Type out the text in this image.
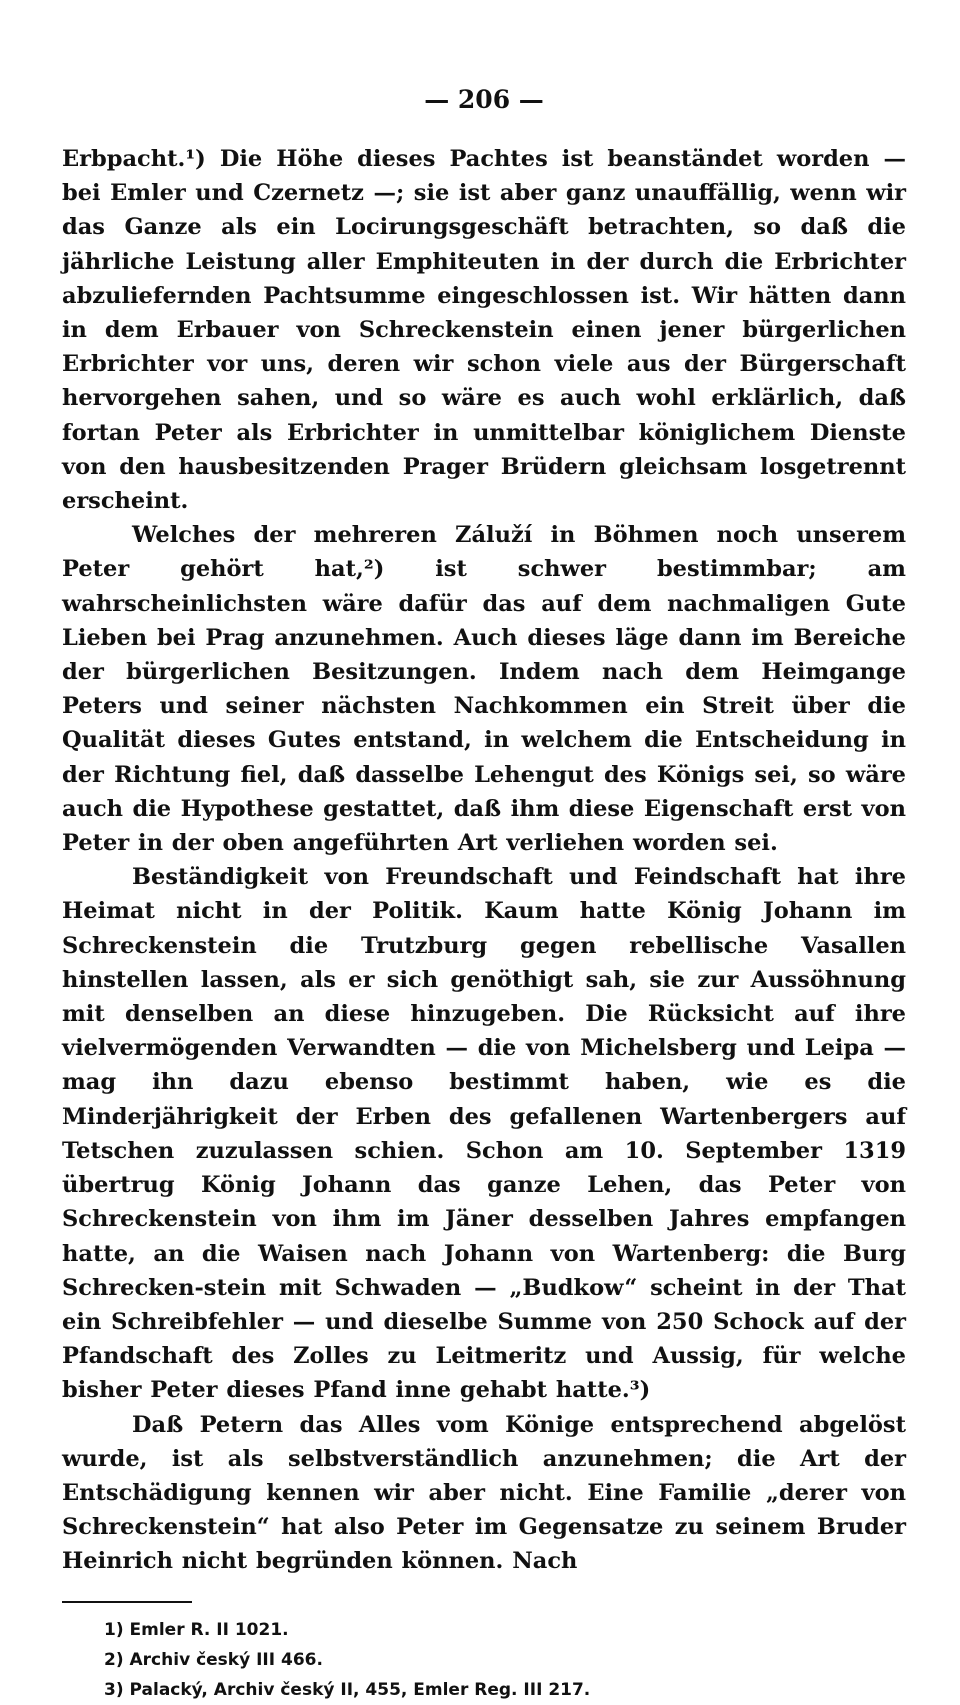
— 206 —

Erbpacht.¹) Die Höhe dieses Pachtes ist beanständet worden — bei Emler und Czernetz —; sie ist aber ganz unauffällig, wenn wir das Ganze als ein Locirungsgeschäft betrachten, so daß die jährliche Leistung aller Emphiteuten in der durch die Erbrichter abzuliefernden Pachtsumme eingeschlossen ist. Wir hätten dann in dem Erbauer von Schreckenstein einen jener bürgerlichen Erbrichter vor uns, deren wir schon viele aus der Bürgerschaft hervorgehen sahen, und so wäre es auch wohl erklärlich, daß fortan Peter als Erbrichter in unmittelbar königlichem Dienste von den hausbesitzenden Prager Brüdern gleichsam losgetrennt erscheint.

Welches der mehreren Záluží in Böhmen noch unserem Peter gehört hat,²) ist schwer bestimmbar; am wahrscheinlichsten wäre dafür das auf dem nachmaligen Gute Lieben bei Prag anzunehmen. Auch dieses läge dann im Bereiche der bürgerlichen Besitzungen. Indem nach dem Heimgange Peters und seiner nächsten Nachkommen ein Streit über die Qualität dieses Gutes entstand, in welchem die Entscheidung in der Richtung fiel, daß dasselbe Lehengut des Königs sei, so wäre auch die Hypothese gestattet, daß ihm diese Eigenschaft erst von Peter in der oben angeführten Art verliehen worden sei.

Beständigkeit von Freundschaft und Feindschaft hat ihre Heimat nicht in der Politik. Kaum hatte König Johann im Schreckenstein die Trutzburg gegen rebellische Vasallen hinstellen lassen, als er sich genöthigt sah, sie zur Aussöhnung mit denselben an diese hinzugeben. Die Rücksicht auf ihre vielvermögenden Verwandten — die von Michelsberg und Leipa — mag ihn dazu ebenso bestimmt haben, wie es die Minderjährigkeit der Erben des gefallenen Wartenbergers auf Tetschen zuzulassen schien. Schon am 10. September 1319 übertrug König Johann das ganze Lehen, das Peter von Schreckenstein von ihm im Jäner desselben Jahres empfangen hatte, an die Waisen nach Johann von Wartenberg: die Burg Schrecken-stein mit Schwaden — „Budkow“ scheint in der That ein Schreibfehler — und dieselbe Summe von 250 Schock auf der Pfandschaft des Zolles zu Leitmeritz und Aussig, für welche bisher Peter dieses Pfand inne gehabt hatte.³)

Daß Petern das Alles vom Könige entsprechend abgelöst wurde, ist als selbstverständlich anzunehmen; die Art der Entschädigung kennen wir aber nicht. Eine Familie „derer von Schreckenstein“ hat also Peter im Gegensatze zu seinem Bruder Heinrich nicht begründen können. Nach

1) Emler R. II 1021.
2) Archiv český III 466.
3) Palacký, Archiv český II, 455, Emler Reg. III 217.
